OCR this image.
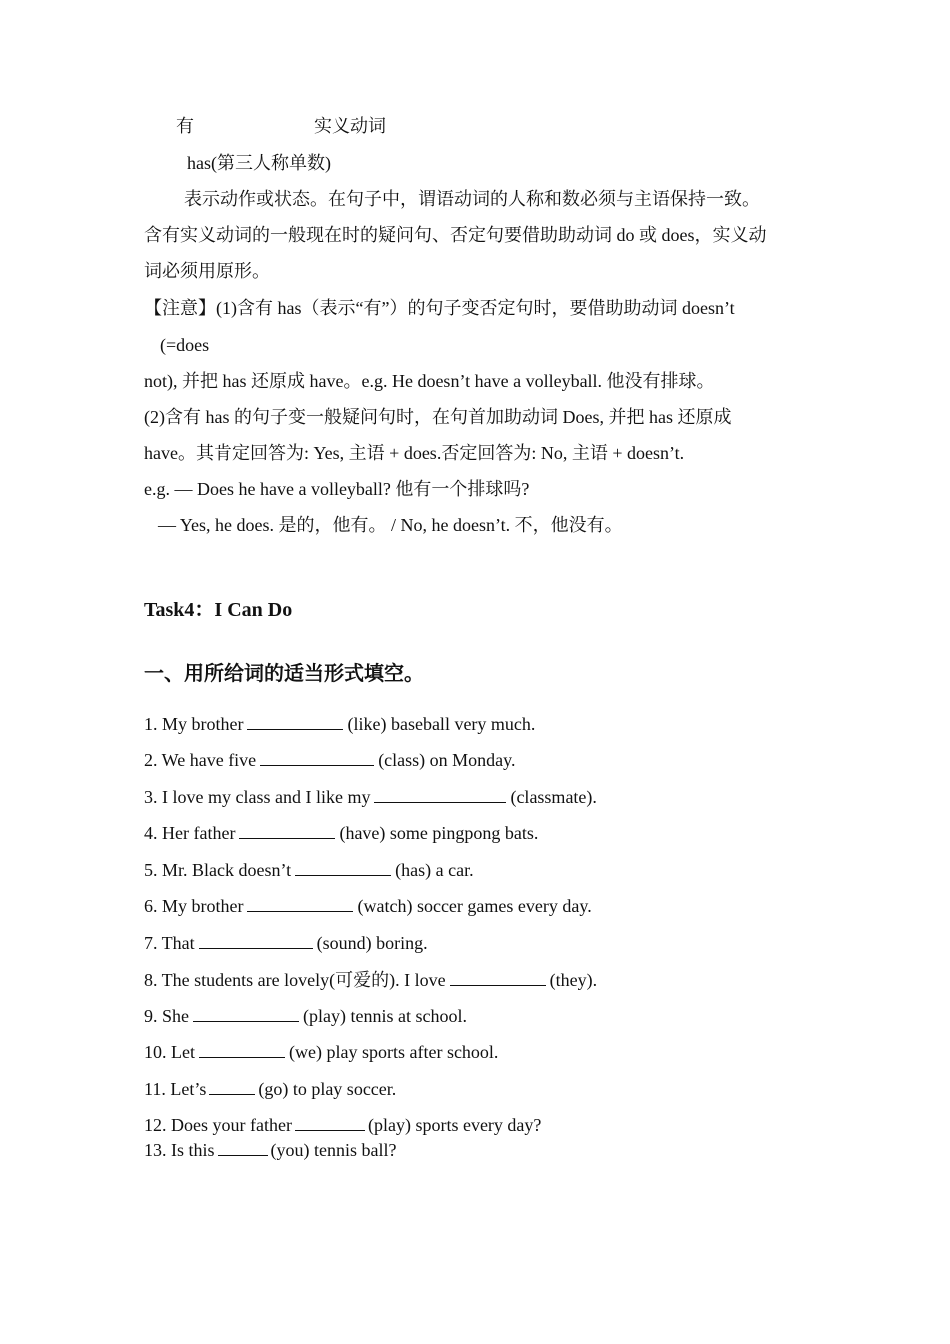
有	实义动词
has(第三人称单数)
表示动作或状态。在句子中，谓语动词的人称和数必须与主语保持一致。
含有实义动词的一般现在时的疑问句、否定句要借助助动词 do 或 does，实义动
词必须用原形。
【注意】(1)含有 has（表示“有”）的句子变否定句时，要借助助动词 doesn’t
(=does
not), 并把 has 还原成 have。e.g. He doesn’t have a volleyball. 他没有排球。
(2)含有 has 的句子变一般疑问句时，在句首加助动词 Does, 并把 has 还原成
have。其肯定回答为: Yes, 主语 + does.否定回答为: No, 主语 + doesn’t.
e.g. — Does he have a volleyball? 他有一个排球吗?
— Yes, he does. 是的，他有。 / No, he doesn’t. 不，他没有。
Task4：I Can Do
一、用所给词的适当形式填空。
1. My brother	(like) baseball very much.
2. We have five	(class) on Monday.
3. I love my class and I like my	(classmate).
4. Her father	(have) some pingpong bats.
5. Mr. Black doesn’t	(has) a car.
6. My brother	(watch) soccer games every day.
7. That	(sound) boring.
8. The students are lovely(可爱的). I love	(they).
9. She	(play) tennis at school.
10. Let	(we) play sports after school.
11. Let’s	(go) to play soccer.
12. Does your father	(play) sports every day?
13. Is this	(you) tennis ball?
